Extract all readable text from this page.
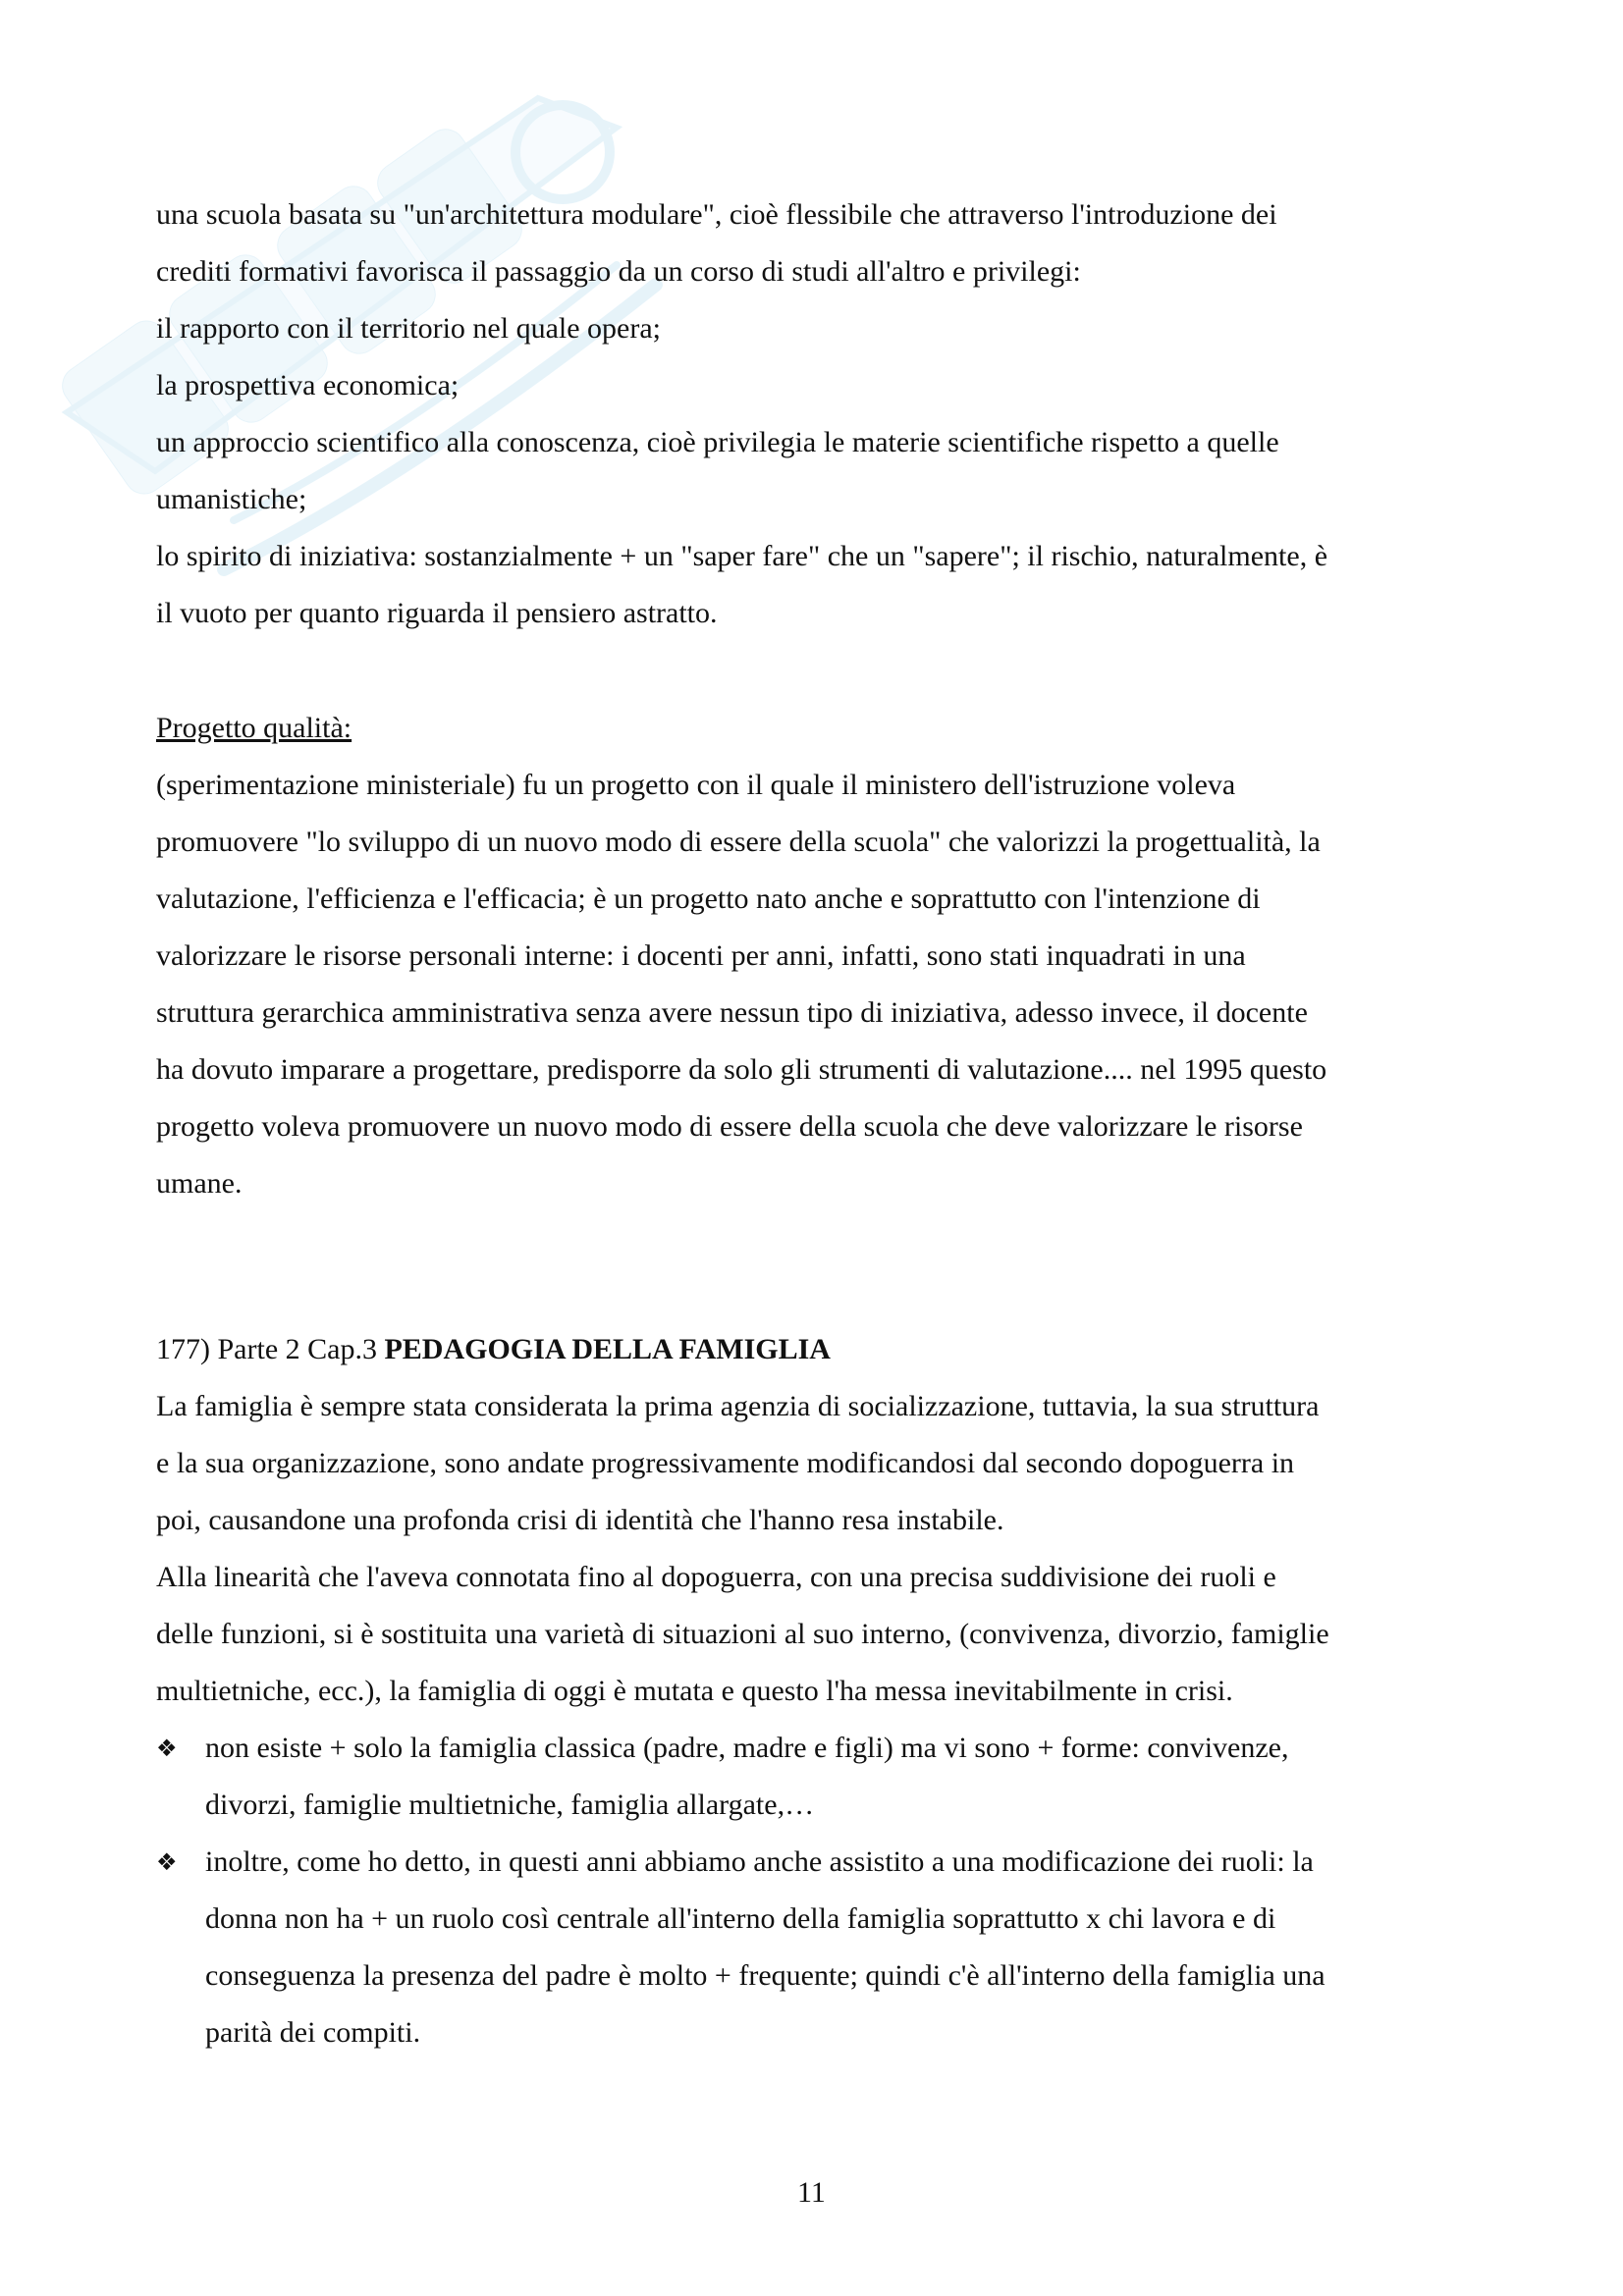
una scuola basata su "un'architettura modulare", cioè flessibile che attraverso l'introduzione dei
crediti formativi favorisca il passaggio da un corso di studi all'altro e privilegi:
il rapporto con il territorio nel quale opera;
la prospettiva economica;
un approccio scientifico alla conoscenza, cioè privilegia le materie scientifiche rispetto a quelle
umanistiche;
lo spirito di iniziativa: sostanzialmente + un "saper fare" che un "sapere"; il rischio, naturalmente, è
il vuoto per quanto riguarda il pensiero astratto.
Progetto qualità:
(sperimentazione ministeriale) fu un progetto con il quale il ministero dell'istruzione voleva
promuovere "lo sviluppo di un nuovo modo di essere della scuola" che valorizzi la progettualità, la
valutazione, l'efficienza e l'efficacia; è un progetto nato anche e soprattutto con l'intenzione di
valorizzare le risorse personali interne: i docenti per anni, infatti, sono stati inquadrati in una
struttura gerarchica amministrativa senza avere nessun tipo di iniziativa, adesso invece, il docente
ha dovuto imparare a progettare, predisporre da solo gli strumenti di valutazione.... nel 1995 questo
progetto voleva promuovere un nuovo modo di essere della scuola che deve valorizzare le risorse
umane.
177) Parte 2 Cap.3 PEDAGOGIA DELLA FAMIGLIA
La famiglia è sempre stata considerata la prima agenzia di socializzazione, tuttavia, la sua struttura
e la sua organizzazione, sono andate progressivamente modificandosi dal secondo dopoguerra in
poi, causandone una profonda crisi di identità che l'hanno resa instabile.
Alla linearità che l'aveva connotata fino al dopoguerra, con una precisa suddivisione dei ruoli e
delle funzioni, si è sostituita una varietà di situazioni al suo interno, (convivenza, divorzio, famiglie
multietniche, ecc.), la famiglia di oggi è mutata e questo l'ha messa inevitabilmente in crisi.
❖ non esiste + solo la famiglia classica (padre, madre e figli) ma vi sono + forme: convivenze,
divorzi, famiglie multietniche, famiglia allargate,…
❖ inoltre, come ho detto, in questi anni abbiamo anche assistito a una modificazione dei ruoli: la
donna non ha + un ruolo così centrale all'interno della famiglia soprattutto x chi lavora e di
conseguenza la presenza del padre è molto + frequente; quindi c'è all'interno della famiglia una
parità dei compiti.
11
